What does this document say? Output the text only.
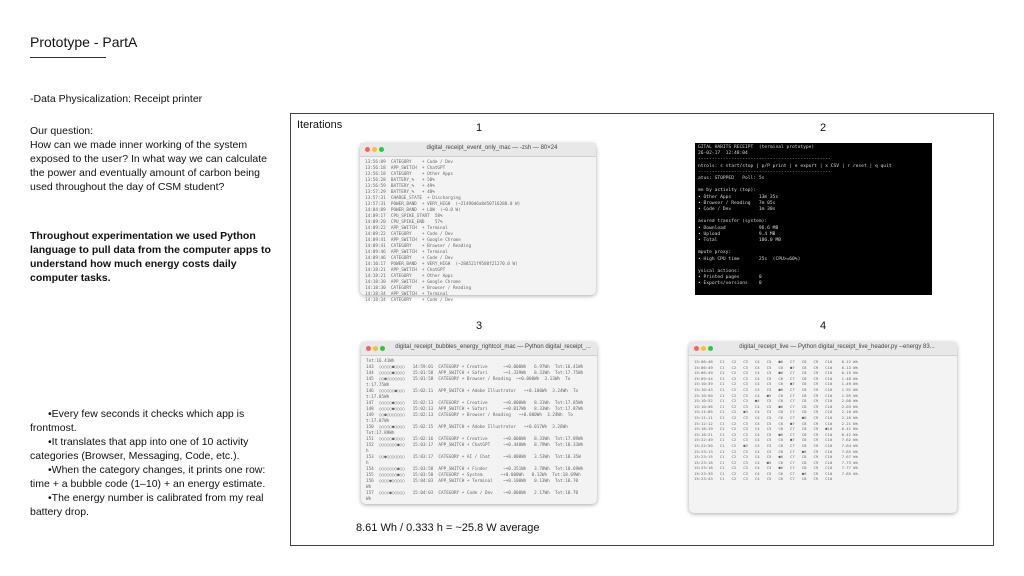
Prototype - PartA
-Data Physicalization: Receipt printer
Our question:
How can we made inner working of the system exposed to the user? In what way we can calculate the power and eventually amount of carbon being used throughout the day of CSM student?
Throughout experimentation we used Python language to pull data from the computer apps to understand how much energy costs daily computer tasks.
•Every few seconds it checks which app is frontmost.
•It translates that app into one of 10 activity categories (Browser, Messaging, Code, etc.).
•When the category changes, it prints one row: time + a bubble code (1–10) + an energy estimate.
•The energy number is calibrated from my real battery drop.
Iterations	1	2
3	4
digital_receipt_event_only_mac — -zsh — 80×24
13:56:09  CATEGORY    + Code / Dev
13:56:18  APP_SWITCH  + ChatGPT
13:56:18  CATEGORY    + Other Apps
13:56:28  BATTERY_%   + 50%
13:56:59  BATTERY_%   + 49%
13:57:29  BATTERY_%   + 48%
13:57:31  CHARGE_STATE  + Discharging
13:57:31  POWER_BAND  + VERY_HIGH  (~21490d6a8d50716288.0 W)
14:04:09  POWER_BAND  + LOW  (~0.0 W)
14:09:17  CPU_SPIKE_START  58%
14:09:20  CPU_SPIKE_END    57%
14:09:22  APP_SWITCH  + Terminal
14:09:22  CATEGORY    + Code / Dev
14:09:41  APP_SWITCH  + Google Chrome
14:09:41  CATEGORY    + Browser / Reading
14:09:46  APP_SWITCH  + Terminal
14:09:46  CATEGORY    + Code / Dev
14:10:17  POWER_BAND  + VERY_HIGH  (~288521f9580f21270.0 W)
14:18:21  APP_SWITCH  + ChatGPT
14:18:21  CATEGORY    + Other Apps
14:18:30  APP_SWITCH  + Google Chrome
14:18:30  CATEGORY    + Browser / Reading
14:18:34  APP_SWITCH  + Terminal
14:18:34  CATEGORY    + Code / Dev
GITAL HABITS RECEIPT  (terminal prototype)
26-02-17  12:48:04
------------------------------------------------
ntrols: s start/stop | p/P print | e export | x CSV | r reset | q quit
------------------------------------------------
atus: STOPPED   Poll: 5s

me by activity (top):
• Other Apps          13m 35s
• Browser / Reading   7m 05s
• Code / Dev          1m 30s

asured transfer (system):
• Download            96.6 MB
• Upload              9.4 MB
• Total               106.0 MB

mpute proxy:
• High CPU time       25s  (CPU>=60%)

ysical actions:
• Printed pages       0
• Exports/versions    0
digital_receipt_bubbles_energy_rightcol_mac — Python digital_receipt_...
Tot:16.41Wh
143  ○○○○○●○○○○   14:59:01  CATEGORY + Creative      ~+0.000Wh   6.97Wh  Tot:16.41Wh
144  ○○○○○●○○○○   15:01:58  APP_SWITCH + Safari      ~+1.339Wh   8.31Wh  Tot:17.75Wh
145  ○○●○○○○○○○   15:01:58  CATEGORY + Browser / Reading  ~+0.000Wh  3.13Wh  To
t:17.75Wh
146  ○○○○○○●○○○   15:02:11  APP_SWITCH + Adobe Illustrator   ~+0.100Wh  3.24Wh  To
t:17.85Wh
147  ○○○○○●○○○○   15:02:13  CATEGORY + Creative      ~+0.000Wh   8.31Wh  Tot:17.85Wh
148  ○○○○○●○○○○   15:02:13  APP_SWITCH + Safari      ~+0.017Wh   8.33Wh  Tot:17.87Wh
149  ○○●○○○○○○○   15:02:13  CATEGORY + Browser / Reading   ~+0.000Wh  3.24Wh  To
t:17.87Wh
150  ○○○○○●○○○○   15:02:15  APP_SWITCH + Adobe Illustrator   ~+0.017Wh  3.26Wh
Tot:17.89Wh
151  ○○○○○●○○○○   15:02:16  CATEGORY + Creative      ~+0.000Wh   8.33Wh  Tot:17.89Wh
152  ○○○○○○○●○○   15:03:17  APP_SWITCH + ChatGPT     ~+0.448Wh   8.79Wh  Tot:18.33Wh
h
153  ○○●○○○○○○○   15:03:17  CATEGORY + AI / Chat     ~+0.000Wh   3.53Wh  Tot:18.35W
h
154  ○○○○○○○●○○   15:03:58  APP_SWITCH + Finder      ~+0.351Wh   3.78Wh  Tot:18.69Wh
155  ○○○○○○○●○○   15:03:58  CATEGORY + System       ~+0.000Wh   0.12Wh  Tot:18.69Wh
156  ○○○○●○○○○○   15:04:03  APP_SWITCH + Terminal    ~+0.100Wh   0.13Wh  Tot:18.70
Wh
157  ○○○○●○○○○○   15:04:03  CATEGORY + Code / Dev    ~+0.000Wh   2.17Wh  Tot:18.70
Wh
digital_receipt_live — Python digital_receipt_live_header.py --energy 83...
15:06:48   C1   C2   C3   C4   C5   ●6   C7   C8   C9   C10    0.12 Wh
15:06:49   C1   C2   C3   C4   C5   C6   ●7   C8   C9   C10    0.13 Wh
15:06:49   C1   C2   C3   C4   C5   ●6   C7   C8   C9   C10    0.15 Wh
15:09:44   C1   C2   C3   C4   C5   C6   C7   C8   C9   C10    1.48 Wh
15:10:39   C1   C2   C3   C4   C5   C6   ●7   C8   C9   C10    1.49 Wh
15:10:43   C1   C2   C3   C4   C5   ●6   C7   C8   C9   C10    1.91 Wh
15:10:50   C1   C2   C3   C4   ●5   C6   C7   C8   C9   C10    1.95 Wh
15:10:52   C1   C2   C3   ●4   C5   C6   C7   C8   C9   C10    2.08 Wh
15:10:56   C1   C2   C3   C4   C5   ●6   C7   C8   C9   C10    2.03 Wh
15:11:05   C1   C2   ●3   C4   C5   C6   C7   C8   C9   C10    2.10 Wh
15:11:11   C1   C2   C3   C4   C5   C6   C7   ●8   C9   C10    2.16 Wh
15:12:12   C1   C2   C3   C4   C5   C6   ●7   C8   C9   C10    2.21 Wh
15:18:19   C1   C2   C3   C4   C5   C6   C7   C8   C9   ●10    6.41 Wh
15:18:21   C1   C2   C3   C4   C5   ●6   C7   C8   C9   C10    6.42 Wh
15:22:49   C1   C2   C3   C4   C5   C6   ●7   C8   C9   C10    7.62 Wh
15:22:50   C1   C2   ●3   C4   C5   C6   C7   C8   C9   C10    7.64 Wh
15:23:13   C1   C2   C3   C4   C5   C6   C7   ●8   C9   C10    7.65 Wh
15:23:15   C1   C2   C3   C4   C5   ●6   C7   C8   C9   C10    7.67 Wh
15:23:16   C1   C2   C3   C4   ●5   C6   C7   C8   C9   C10    7.73 Wh
15:23:18   C1   C2   C3   C4   C5   ●6   C7   C8   C9   C10    7.77 Wh
15:23:39   C1   C2   C3   C4   C5   C6   C7   ●8   C9   C10    7.85 Wh
15:23:43   C1   C2   C3   C4   C5   C6   C7   C8   C9   C10
8.61 Wh / 0.333 h = ~25.8 W average
